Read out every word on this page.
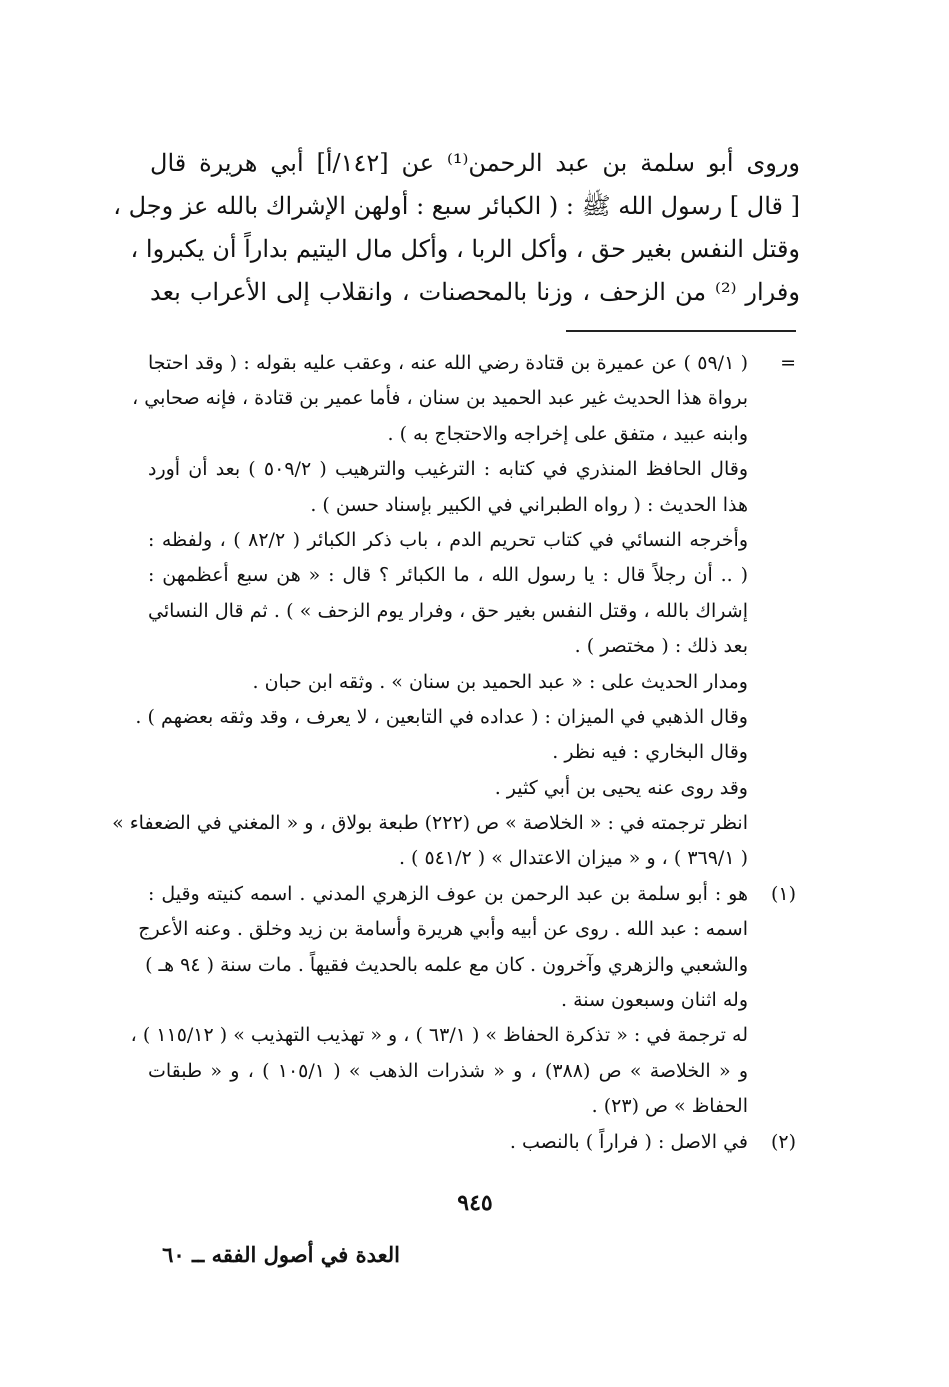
وروى أبو سلمة بن عبد الرحمن⁽¹⁾ عن [١٤٢/أ] أبي هريرة قال
[ قال ] رسول الله ﷺ : ( الكبائر سبع : أولهن الإشراك بالله عز وجل ،
وقتل النفس بغير حق ، وأكل الربا ، وأكل مال اليتيم بداراً أن يكبروا ،
وفرار ⁽²⁾ من الزحف ، وزنا بالمحصنات ، وانقلاب إلى الأعراب بعد
=
( ٥٩/١ ) عن عميرة بن قتادة رضي الله عنه ، وعقب عليه بقوله : ( وقد احتجا
برواة هذا الحديث غير عبد الحميد بن سنان ، فأما عمير بن قتادة ، فإنه صحابي ،
وابنه عبيد ، متفق على إخراجه والاحتجاج به ) .
وقال الحافظ المنذري في كتابه : الترغيب والترهيب ( ٥٠٩/٢ ) بعد أن أورد
هذا الحديث : ( رواه الطبراني في الكبير بإسناد حسن ) .
وأخرجه النسائي في كتاب تحريم الدم ، باب ذكر الكبائر ( ٨٢/٢ ) ، ولفظه :
( .. أن رجلاً قال : يا رسول الله ، ما الكبائر ؟ قال : « هن سبع أعظمهن :
إشراك بالله ، وقتل النفس بغير حق ، وفرار يوم الزحف » ) . ثم قال النسائي
بعد ذلك : ( مختصر ) .
ومدار الحديث على : « عبد الحميد بن سنان » . وثقه ابن حبان .
وقال الذهبي في الميزان : ( عداده في التابعين ، لا يعرف ، وقد وثقه بعضهم ) .
وقال البخاري : فيه نظر .
وقد روى عنه يحيى بن أبي كثير .
انظر ترجمته في : « الخلاصة » ص (٢٢٢) طبعة بولاق ، و « المغني في الضعفاء »
( ٣٦٩/١ ) ، و « ميزان الاعتدال » ( ٥٤١/٢ ) .
(١)
هو : أبو سلمة بن عبد الرحمن بن عوف الزهري المدني . اسمه كنيته وقيل :
اسمه : عبد الله . روى عن أبيه وأبي هريرة وأسامة بن زيد وخلق . وعنه الأعرج
والشعبي والزهري وآخرون . كان مع علمه بالحديث فقيهاً . مات سنة ( ٩٤ هـ )
وله اثنان وسبعون سنة .
له ترجمة في : « تذكرة الحفاظ » ( ٦٣/١ ) ، و « تهذيب التهذيب » ( ١١٥/١٢ ) ،
و « الخلاصة » ص (٣٨٨) ، و « شذرات الذهب » ( ١٠٥/١ ) ، و « طبقات
الحفاظ » ص (٢٣) .
(٢)
في الاصل : ( فراراً ) بالنصب .
٩٤٥
العدة في أصول الفقه ــ ٦٠
